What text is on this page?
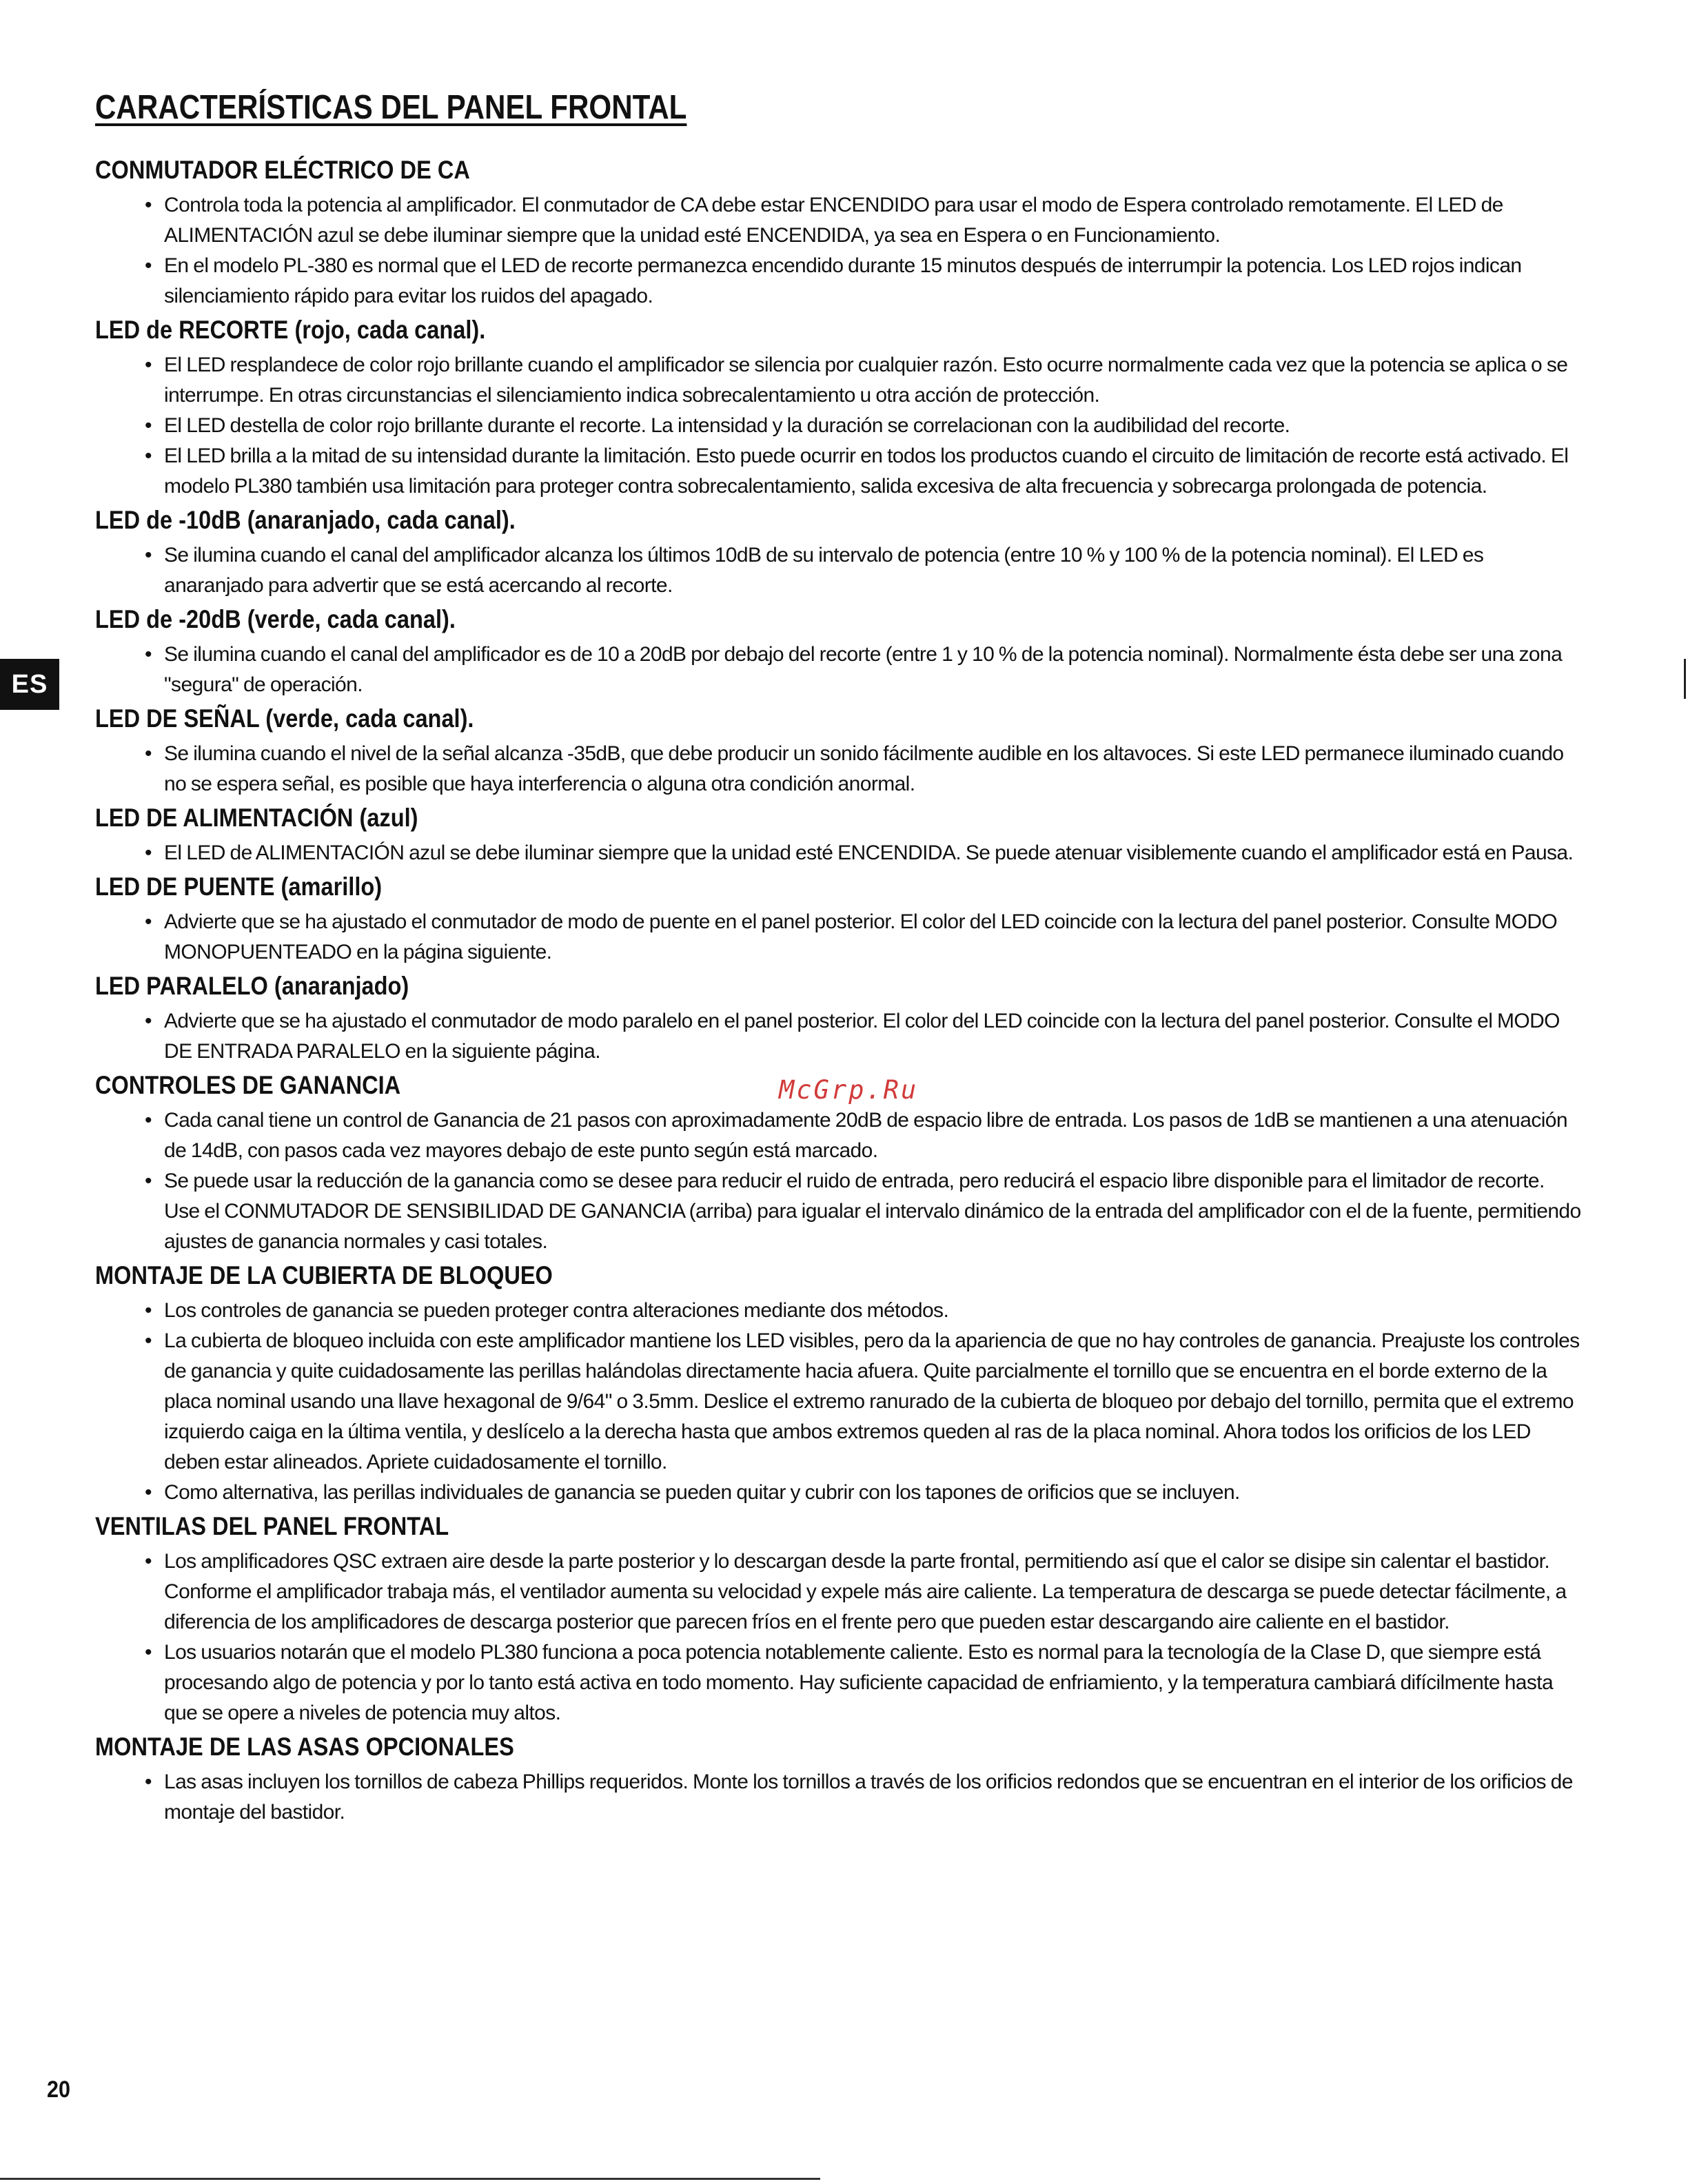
ES
CARACTERÍSTICAS DEL PANEL FRONTAL
CONMUTADOR ELÉCTRICO DE CA
• Controla toda la potencia al amplificador. El conmutador de CA debe estar ENCENDIDO para usar el modo de Espera controlado remotamente. El LED de ALIMENTACIÓN azul se debe iluminar siempre que la unidad esté ENCENDIDA, ya sea en Espera o en Funcionamiento.
• En el modelo PL-380 es normal que el LED de recorte permanezca encendido durante 15 minutos después de interrumpir la potencia. Los LED rojos indican silenciamiento rápido para evitar los ruidos del apagado.
LED de RECORTE (rojo, cada canal).
• El LED resplandece de color rojo brillante cuando el amplificador se silencia por cualquier razón. Esto ocurre normalmente cada vez que la potencia se aplica o se interrumpe. En otras circunstancias el silenciamiento indica sobrecalentamiento u otra acción de protección.
• El LED destella de color rojo brillante durante el recorte. La intensidad y la duración se correlacionan con la audibilidad del recorte.
• El LED brilla a la mitad de su intensidad durante la limitación. Esto puede ocurrir en todos los productos cuando el circuito de limitación de recorte está activado. El modelo PL380 también usa limitación para proteger contra sobrecalentamiento, salida excesiva de alta frecuencia y sobrecarga prolongada de potencia.
LED de -10dB (anaranjado, cada canal).
• Se ilumina cuando el canal del amplificador alcanza los últimos 10dB de su intervalo de potencia (entre 10 % y 100 % de la potencia nominal). El LED es anaranjado para advertir que se está acercando al recorte.
LED de -20dB (verde, cada canal).
• Se ilumina cuando el canal del amplificador es de 10 a 20dB por debajo del recorte (entre 1 y 10 % de la potencia nominal). Normalmente ésta debe ser una zona "segura" de operación.
LED DE SEÑAL (verde, cada canal).
• Se ilumina cuando el nivel de la señal alcanza -35dB, que debe producir un sonido fácilmente audible en los altavoces. Si este LED permanece iluminado cuando no se espera señal, es posible que haya interferencia o alguna otra condición anormal.
LED DE ALIMENTACIÓN (azul)
• El LED de ALIMENTACIÓN azul se debe iluminar siempre que la unidad esté ENCENDIDA. Se puede atenuar visiblemente cuando el amplificador está en Pausa.
LED DE PUENTE (amarillo)
• Advierte que se ha ajustado el conmutador de modo de puente en el panel posterior. El color del LED coincide con la lectura del panel posterior. Consulte MODO MONOPUENTEADO en la página siguiente.
LED PARALELO (anaranjado)
• Advierte que se ha ajustado el conmutador de modo paralelo en el panel posterior. El color del LED coincide con la lectura del panel posterior. Consulte el MODO DE ENTRADA PARALELO en la siguiente página.
CONTROLES DE GANANCIA
• Cada canal tiene un control de Ganancia de 21 pasos con aproximadamente 20dB de espacio libre de entrada. Los pasos de 1dB se mantienen a una atenuación de 14dB, con pasos cada vez mayores debajo de este punto según está marcado.
• Se puede usar la reducción de la ganancia como se desee para reducir el ruido de entrada, pero reducirá el espacio libre disponible para el limitador de recorte. Use el CONMUTADOR DE SENSIBILIDAD DE GANANCIA (arriba) para igualar el intervalo dinámico de la entrada del amplificador con el de la fuente, permitiendo ajustes de ganancia normales y casi totales.
MONTAJE DE LA CUBIERTA DE BLOQUEO
• Los controles de ganancia se pueden proteger contra alteraciones mediante dos métodos.
• La cubierta de bloqueo incluida con este amplificador mantiene los LED visibles, pero da la apariencia de que no hay controles de ganancia. Preajuste los controles de ganancia y quite cuidadosamente las perillas halándolas directamente hacia afuera. Quite parcialmente el tornillo que se encuentra en el borde externo de la placa nominal usando una llave hexagonal de 9/64" o 3.5mm. Deslice el extremo ranurado de la cubierta de bloqueo por debajo del tornillo, permita que el extremo izquierdo caiga en la última ventila, y deslícelo a la derecha hasta que ambos extremos queden al ras de la placa nominal. Ahora todos los orificios de los LED deben estar alineados. Apriete cuidadosamente el tornillo.
• Como alternativa, las perillas individuales de ganancia se pueden quitar y cubrir con los tapones de orificios que se incluyen.
VENTILAS DEL PANEL FRONTAL
• Los amplificadores QSC extraen aire desde la parte posterior y lo descargan desde la parte frontal, permitiendo así que el calor se disipe sin calentar el bastidor. Conforme el amplificador trabaja más, el ventilador aumenta su velocidad y expele más aire caliente. La temperatura de descarga se puede detectar fácilmente, a diferencia de los amplificadores de descarga posterior que parecen fríos en el frente pero que pueden estar descargando aire caliente en el bastidor.
• Los usuarios notarán que el modelo PL380 funciona a poca potencia notablemente caliente. Esto es normal para la tecnología de la Clase D, que siempre está procesando algo de potencia y por lo tanto está activa en todo momento. Hay suficiente capacidad de enfriamiento, y la temperatura cambiará difícilmente hasta que se opere a niveles de potencia muy altos.
MONTAJE DE LAS ASAS OPCIONALES
• Las asas incluyen los tornillos de cabeza Phillips requeridos. Monte los tornillos a través de los orificios redondos que se encuentran en el interior de los orificios de montaje del bastidor.
McGrp.Ru
20
